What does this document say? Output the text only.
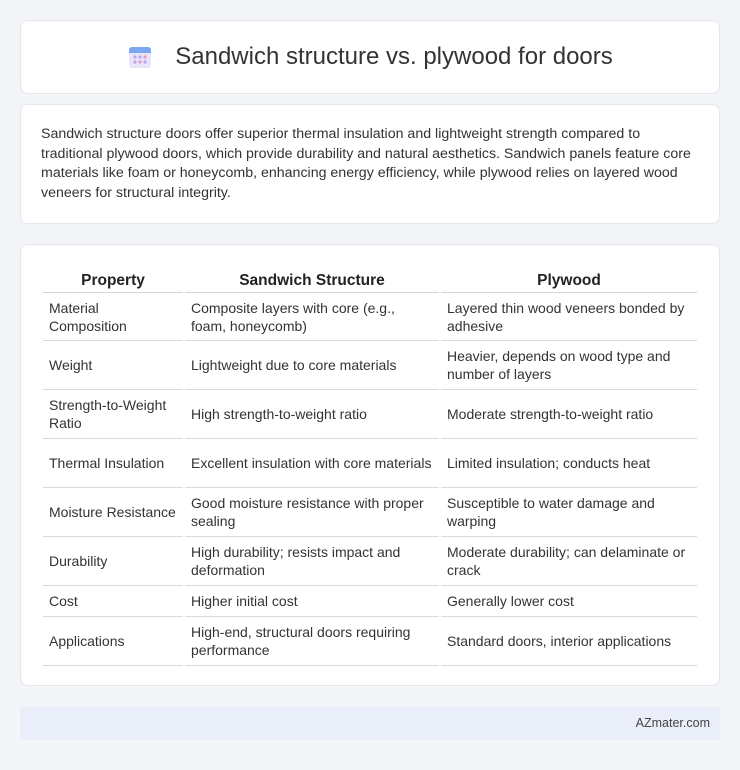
Sandwich structure vs. plywood for doors

Sandwich structure doors offer superior thermal insulation and lightweight strength compared to traditional plywood doors, which provide durability and natural aesthetics. Sandwich panels feature core materials like foam or honeycomb, enhancing energy efficiency, while plywood relies on layered wood veneers for structural integrity.

Property	Sandwich Structure	Plywood
Material Composition	Composite layers with core (e.g., foam, honeycomb)	Layered thin wood veneers bonded by adhesive
Weight	Lightweight due to core materials	Heavier, depends on wood type and number of layers
Strength-to-Weight Ratio	High strength-to-weight ratio	Moderate strength-to-weight ratio
Thermal Insulation	Excellent insulation with core materials	Limited insulation; conducts heat
Moisture Resistance	Good moisture resistance with proper sealing	Susceptible to water damage and warping
Durability	High durability; resists impact and deformation	Moderate durability; can delaminate or crack
Cost	Higher initial cost	Generally lower cost
Applications	High-end, structural doors requiring performance	Standard doors, interior applications
AZmater.com
